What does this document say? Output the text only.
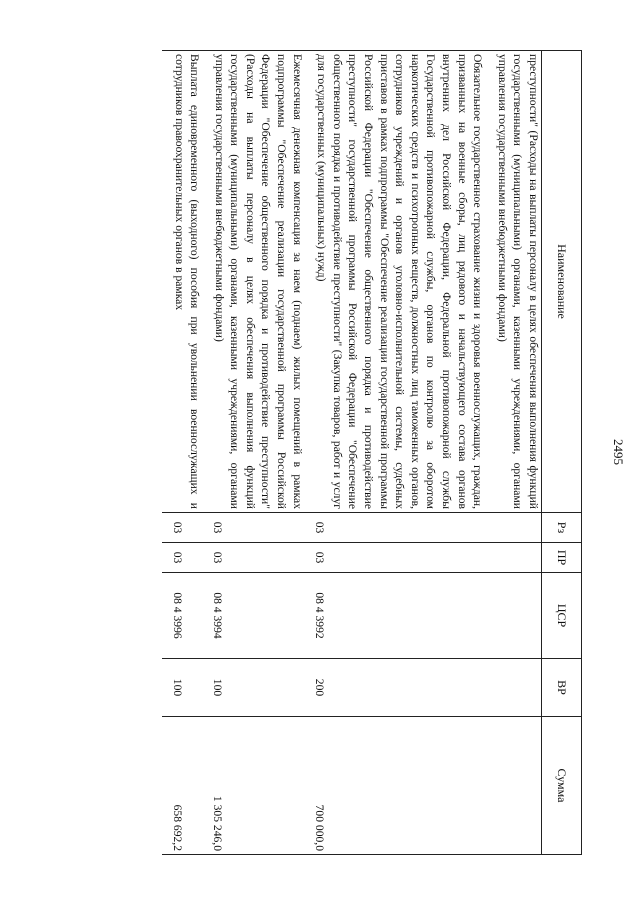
2495
Наименование	Рз	ПР	ЦСР	ВР	Сумма
преступности" (Расходы на выплаты персоналу в целях обеспечения выполнения функций государственными (муниципальными) органами, казенными учреждениями, органами управления государственными внебюджетными фондами)					
Обязательное государственное страхование жизни и здоровья военнослужащих, граждан, призванных на военные сборы, лиц рядового и начальствующего состава органов внутренних дел Российской Федерации, Федеральной противопожарной службы Государственной противопожарной службы, органов по контролю за оборотом наркотических средств и психотропных веществ, должностных лиц таможенных органов, сотрудников учреждений и органов уголовно-исполнительной системы, судебных приставов в рамках подпрограммы "Обеспечение реализации государственной программы Российской Федерации "Обеспечение общественного порядка и противодействие преступности" государственной программы Российской Федерации "Обеспечение общественного порядка и противодействие преступности" (Закупка товаров, работ и услуг для государственных (муниципальных) нужд)	03	03	08 4 3992	200	700 000,0
Ежемесячная денежная компенсация за наем (поднаем) жилых помещений в рамках подпрограммы "Обеспечение реализации государственной программы Российской Федерации "Обеспечение общественного порядка и противодействие преступности" (Расходы на выплаты персоналу в целях обеспечения выполнения функций государственными (муниципальными) органами, казенными учреждениями, органами управления государственными внебюджетными фондами)	03	03	08 4 3994	100	1 305 246,0
Выплата единовременного (выходного) пособия при увольнении военнослужащих и сотрудников правоохранительных органов в рамках	03	03	08 4 3996	100	658 692,2
